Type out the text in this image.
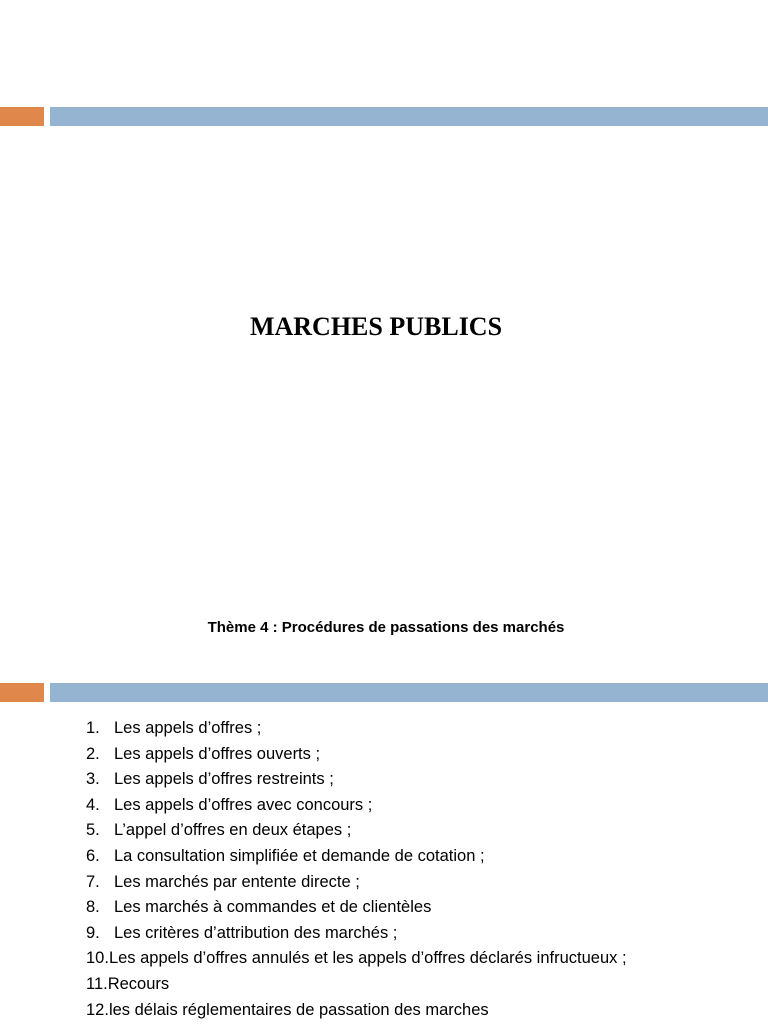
MARCHES PUBLICS

Thème 4 : Procédures de passations des marchés

1. Les appels d’offres ;
2. Les appels d’offres ouverts ;
3. Les appels d’offres restreints ;
4. Les appels d’offres avec concours ;
5. L’appel d’offres en deux étapes ;
6. La consultation simplifiée et demande de cotation ;
7. Les marchés par entente directe ;
8. Les marchés à commandes et de clientèles
9. Les critères d’attribution des marchés ;
10.Les appels d’offres annulés et les appels d’offres déclarés infructueux ;
11.Recours
12.les délais réglementaires de passation des marches
